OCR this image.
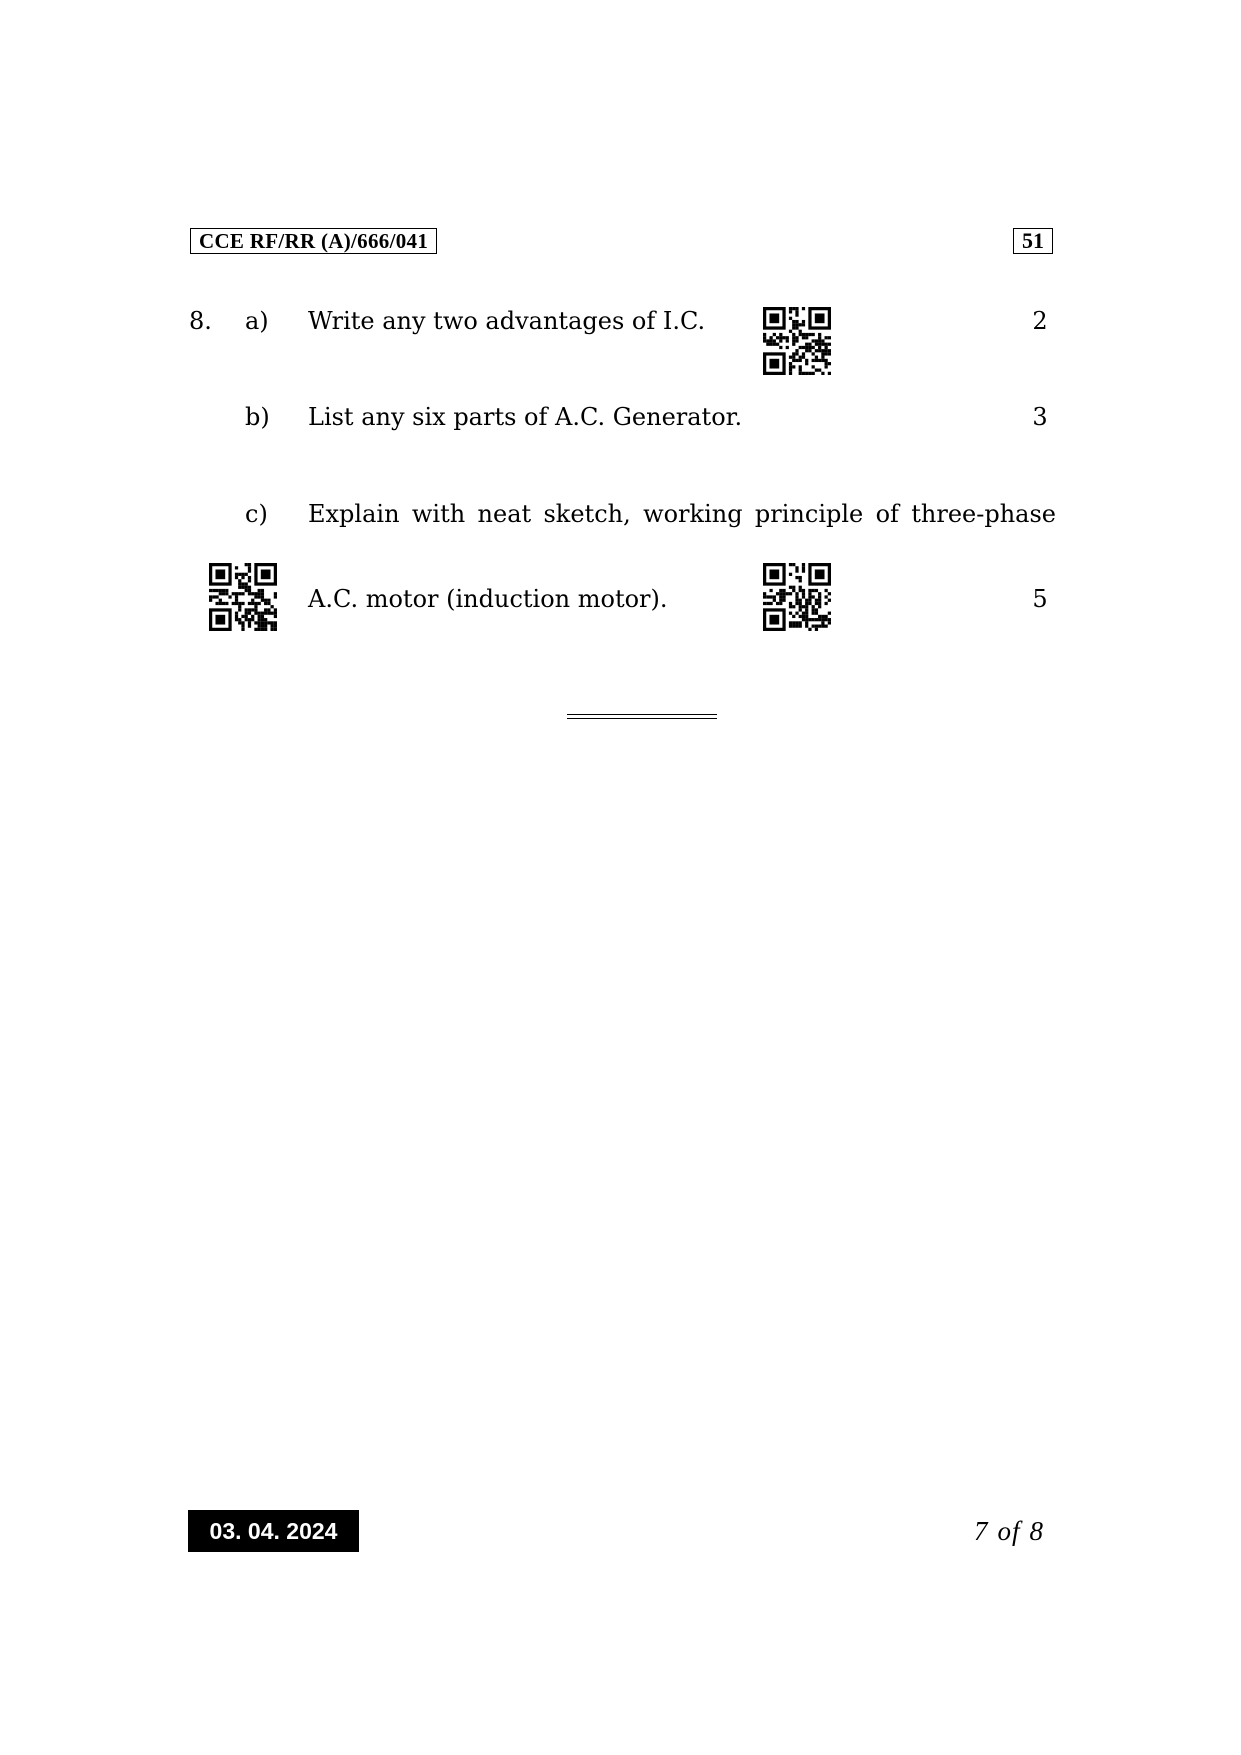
CCE RF/RR (A)/666/041	51
8. a) Write any two advantages of I.C.	2
b) List any six parts of A.C. Generator.	3
c) Explain with neat sketch, working principle of three-phase
A.C. motor (induction motor).	5
03. 04. 2024	7 of 8
